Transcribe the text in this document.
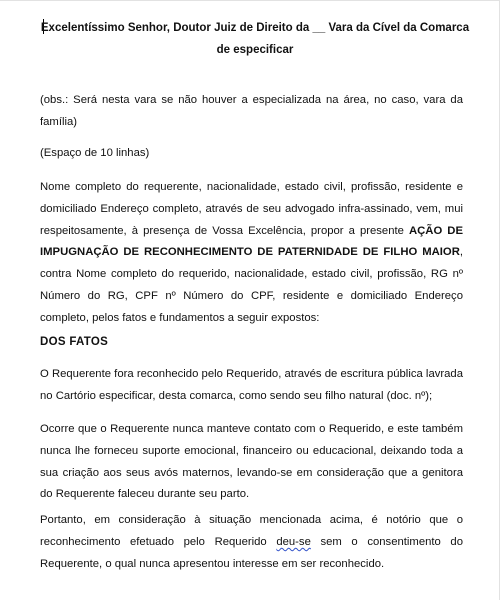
Excelentíssimo Senhor, Doutor Juiz de Direito da __ Vara da Cível da Comarca
de especificar

(obs.: Será nesta vara se não houver a especializada na área, no caso, vara da família)

(Espaço de 10 linhas)

Nome completo do requerente, nacionalidade, estado civil, profissão, residente e domiciliado Endereço completo, através de seu advogado infra-assinado, vem, mui respeitosamente, à presença de Vossa Excelência, propor a presente AÇÃO DE IMPUGNAÇÃO DE RECONHECIMENTO DE PATERNIDADE DE FILHO MAIOR, contra Nome completo do requerido, nacionalidade, estado civil, profissão, RG nº Número do RG, CPF nº Número do CPF, residente e domiciliado Endereço completo, pelos fatos e fundamentos a seguir expostos:

DOS FATOS

O Requerente fora reconhecido pelo Requerido, através de escritura pública lavrada no Cartório especificar, desta comarca, como sendo seu filho natural (doc. nº);

Ocorre que o Requerente nunca manteve contato com o Requerido, e este também nunca lhe forneceu suporte emocional, financeiro ou educacional, deixando toda a sua criação aos seus avós maternos, levando-se em consideração que a genitora do Requerente faleceu durante seu parto.

Portanto, em consideração à situação mencionada acima, é notório que o reconhecimento efetuado pelo Requerido deu-se sem o consentimento do Requerente, o qual nunca apresentou interesse em ser reconhecido.
